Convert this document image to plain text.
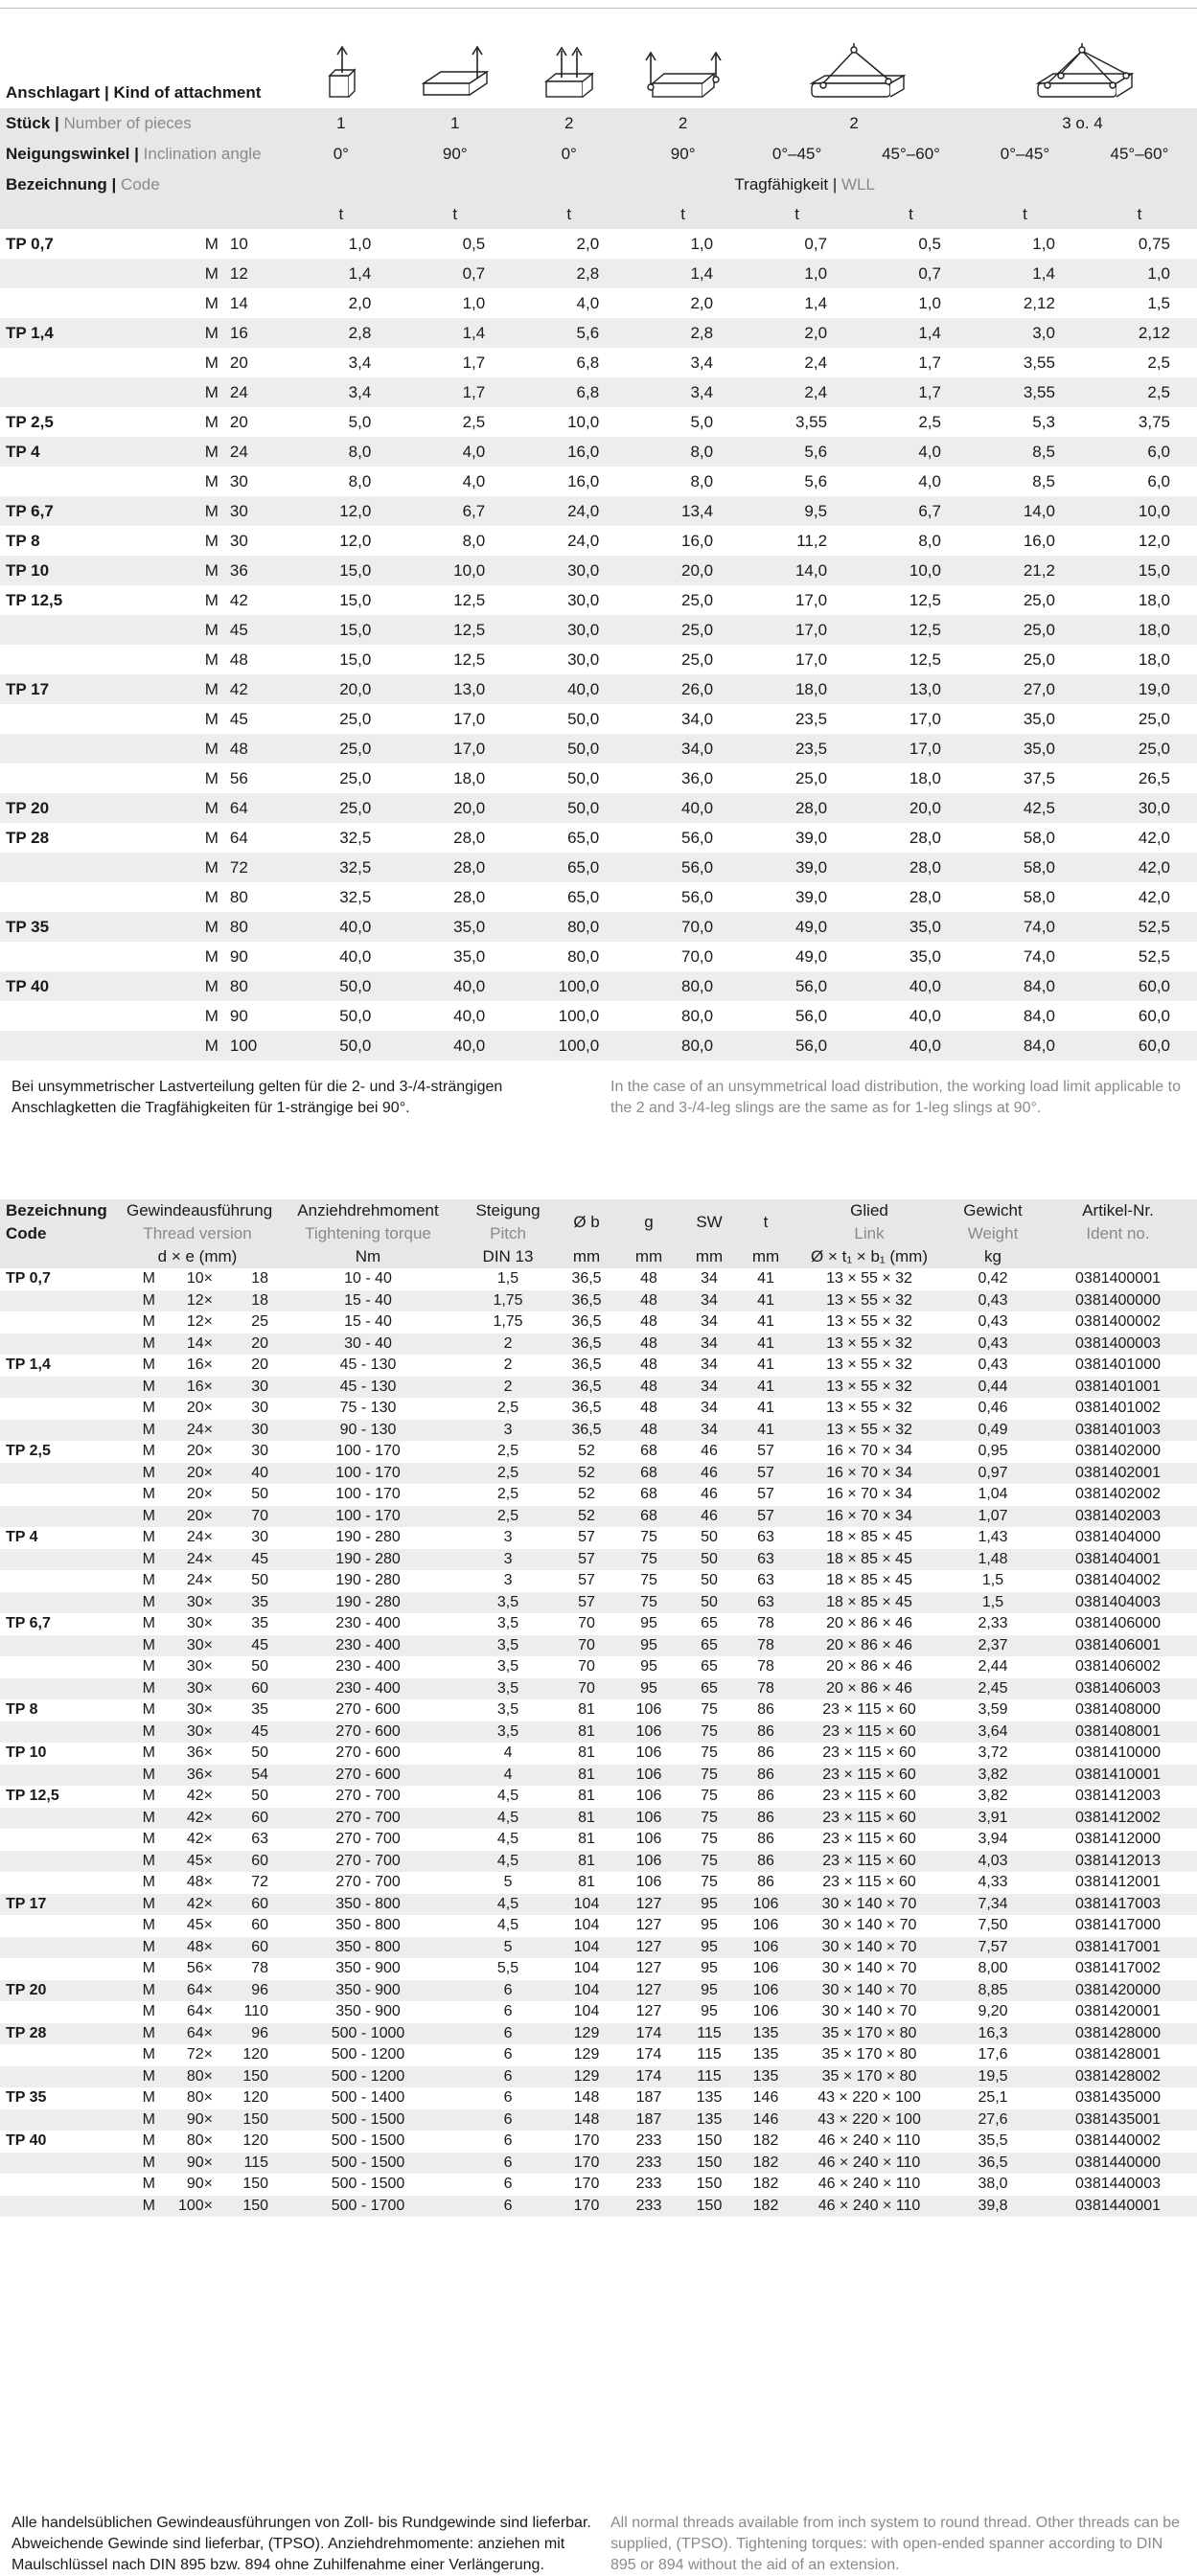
Anschlagart | Kind of attachment	

Stück | Number of pieces			1	1	2	2	2		3 o. 4	
Neigungswinkel | Inclination angle			0°	90°	0°	90°	0°–45°	45°–60°	0°–45°	45°–60°
Bezeichnung | Code			Tragfähigkeit | WLL							
			t	t	t	t	t	t	t	t
TP 0,7	M	10	1,0	0,5	2,0	1,0	0,7	0,5	1,0	0,75
	M	12	1,4	0,7	2,8	1,4	1,0	0,7	1,4	1,0
	M	14	2,0	1,0	4,0	2,0	1,4	1,0	2,12	1,5
TP 1,4	M	16	2,8	1,4	5,6	2,8	2,0	1,4	3,0	2,12
	M	20	3,4	1,7	6,8	3,4	2,4	1,7	3,55	2,5
	M	24	3,4	1,7	6,8	3,4	2,4	1,7	3,55	2,5
TP 2,5	M	20	5,0	2,5	10,0	5,0	3,55	2,5	5,3	3,75
TP 4	M	24	8,0	4,0	16,0	8,0	5,6	4,0	8,5	6,0
	M	30	8,0	4,0	16,0	8,0	5,6	4,0	8,5	6,0
TP 6,7	M	30	12,0	6,7	24,0	13,4	9,5	6,7	14,0	10,0
TP 8	M	30	12,0	8,0	24,0	16,0	11,2	8,0	16,0	12,0
TP 10	M	36	15,0	10,0	30,0	20,0	14,0	10,0	21,2	15,0
TP 12,5	M	42	15,0	12,5	30,0	25,0	17,0	12,5	25,0	18,0
	M	45	15,0	12,5	30,0	25,0	17,0	12,5	25,0	18,0
	M	48	15,0	12,5	30,0	25,0	17,0	12,5	25,0	18,0
TP 17	M	42	20,0	13,0	40,0	26,0	18,0	13,0	27,0	19,0
	M	45	25,0	17,0	50,0	34,0	23,5	17,0	35,0	25,0
	M	48	25,0	17,0	50,0	34,0	23,5	17,0	35,0	25,0
	M	56	25,0	18,0	50,0	36,0	25,0	18,0	37,5	26,5
TP 20	M	64	25,0	20,0	50,0	40,0	28,0	20,0	42,5	30,0
TP 28	M	64	32,5	28,0	65,0	56,0	39,0	28,0	58,0	42,0
	M	72	32,5	28,0	65,0	56,0	39,0	28,0	58,0	42,0
	M	80	32,5	28,0	65,0	56,0	39,0	28,0	58,0	42,0
TP 35	M	80	40,0	35,0	80,0	70,0	49,0	35,0	74,0	52,5
	M	90	40,0	35,0	80,0	70,0	49,0	35,0	74,0	52,5
TP 40	M	80	50,0	40,0	100,0	80,0	56,0	40,0	84,0	60,0
	M	90	50,0	40,0	100,0	80,0	56,0	40,0	84,0	60,0
	M	100	50,0	40,0	100,0	80,0	56,0	40,0	84,0	60,0
Bei unsymmetrischer Lastverteilung gelten für die 2- und 3-/4-strängigen Anschlagketten die Tragfähigkeiten für 1-strängige bei 90°.
In the case of an unsymmetrical load distribution, the working load limit applicable to the 2 and 3-/4-leg slings are the same as for 1-leg slings at 90°.
Bezeichnung	Gewindeausführung			Anziehdrehmoment	Steigung	Ø b	g	SW	t	Glied	Gewicht	Artikel-Nr.
Code	Thread version			Tightening torque	Pitch					Link	Weight	Ident no.
	d × e (mm)			Nm	DIN 13	mm	mm	mm	mm	Ø × t₁ × b₁ (mm)	kg	
TP 0,7	M	10×	18	10 - 40	1,5	36,5	48	34	41	13 × 55 × 32	0,42	0381400001
	M	12×	18	15 - 40	1,75	36,5	48	34	41	13 × 55 × 32	0,43	0381400000
	M	12×	25	15 - 40	1,75	36,5	48	34	41	13 × 55 × 32	0,43	0381400002
	M	14×	20	30 - 40	2	36,5	48	34	41	13 × 55 × 32	0,43	0381400003
TP 1,4	M	16×	20	45 - 130	2	36,5	48	34	41	13 × 55 × 32	0,43	0381401000
	M	16×	30	45 - 130	2	36,5	48	34	41	13 × 55 × 32	0,44	0381401001
	M	20×	30	75 - 130	2,5	36,5	48	34	41	13 × 55 × 32	0,46	0381401002
	M	24×	30	90 - 130	3	36,5	48	34	41	13 × 55 × 32	0,49	0381401003
TP 2,5	M	20×	30	100 - 170	2,5	52	68	46	57	16 × 70 × 34	0,95	0381402000
	M	20×	40	100 - 170	2,5	52	68	46	57	16 × 70 × 34	0,97	0381402001
	M	20×	50	100 - 170	2,5	52	68	46	57	16 × 70 × 34	1,04	0381402002
	M	20×	70	100 - 170	2,5	52	68	46	57	16 × 70 × 34	1,07	0381402003
TP 4	M	24×	30	190 - 280	3	57	75	50	63	18 × 85 × 45	1,43	0381404000
	M	24×	45	190 - 280	3	57	75	50	63	18 × 85 × 45	1,48	0381404001
	M	24×	50	190 - 280	3	57	75	50	63	18 × 85 × 45	1,5	0381404002
	M	30×	35	190 - 280	3,5	57	75	50	63	18 × 85 × 45	1,5	0381404003
TP 6,7	M	30×	35	230 - 400	3,5	70	95	65	78	20 × 86 × 46	2,33	0381406000
	M	30×	45	230 - 400	3,5	70	95	65	78	20 × 86 × 46	2,37	0381406001
	M	30×	50	230 - 400	3,5	70	95	65	78	20 × 86 × 46	2,44	0381406002
	M	30×	60	230 - 400	3,5	70	95	65	78	20 × 86 × 46	2,45	0381406003
TP 8	M	30×	35	270 - 600	3,5	81	106	75	86	23 × 115 × 60	3,59	0381408000
	M	30×	45	270 - 600	3,5	81	106	75	86	23 × 115 × 60	3,64	0381408001
TP 10	M	36×	50	270 - 600	4	81	106	75	86	23 × 115 × 60	3,72	0381410000
	M	36×	54	270 - 600	4	81	106	75	86	23 × 115 × 60	3,82	0381410001
TP 12,5	M	42×	50	270 - 700	4,5	81	106	75	86	23 × 115 × 60	3,82	0381412003
	M	42×	60	270 - 700	4,5	81	106	75	86	23 × 115 × 60	3,91	0381412002
	M	42×	63	270 - 700	4,5	81	106	75	86	23 × 115 × 60	3,94	0381412000
	M	45×	60	270 - 700	4,5	81	106	75	86	23 × 115 × 60	4,03	0381412013
	M	48×	72	270 - 700	5	81	106	75	86	23 × 115 × 60	4,33	0381412001
TP 17	M	42×	60	350 - 800	4,5	104	127	95	106	30 × 140 × 70	7,34	0381417003
	M	45×	60	350 - 800	4,5	104	127	95	106	30 × 140 × 70	7,50	0381417000
	M	48×	60	350 - 800	5	104	127	95	106	30 × 140 × 70	7,57	0381417001
	M	56×	78	350 - 900	5,5	104	127	95	106	30 × 140 × 70	8,00	0381417002
TP 20	M	64×	96	350 - 900	6	104	127	95	106	30 × 140 × 70	8,85	0381420000
	M	64×	110	350 - 900	6	104	127	95	106	30 × 140 × 70	9,20	0381420001
TP 28	M	64×	96	500 - 1000	6	129	174	115	135	35 × 170 × 80	16,3	0381428000
	M	72×	120	500 - 1200	6	129	174	115	135	35 × 170 × 80	17,6	0381428001
	M	80×	150	500 - 1200	6	129	174	115	135	35 × 170 × 80	19,5	0381428002
TP 35	M	80×	120	500 - 1400	6	148	187	135	146	43 × 220 × 100	25,1	0381435000
	M	90×	150	500 - 1500	6	148	187	135	146	43 × 220 × 100	27,6	0381435001
TP 40	M	80×	120	500 - 1500	6	170	233	150	182	46 × 240 × 110	35,5	0381440002
	M	90×	115	500 - 1500	6	170	233	150	182	46 × 240 × 110	36,5	0381440000
	M	90×	150	500 - 1500	6	170	233	150	182	46 × 240 × 110	38,0	0381440003
	M	100×	150	500 - 1700	6	170	233	150	182	46 × 240 × 110	39,8	0381440001
Alle handelsüblichen Gewindeausführungen von Zoll- bis Rundgewinde sind lieferbar. Abweichende Gewinde sind lieferbar, (TPSO). Anziehdrehmomente: anziehen mit Maulschlüssel nach DIN 895 bzw. 894 ohne Zuhilfenahme einer Verlängerung.
All normal threads available from inch system to round thread. Other threads can be supplied, (TPSO). Tightening torques: with open-ended spanner according to DIN 895 or 894 without the aid of an extension.
